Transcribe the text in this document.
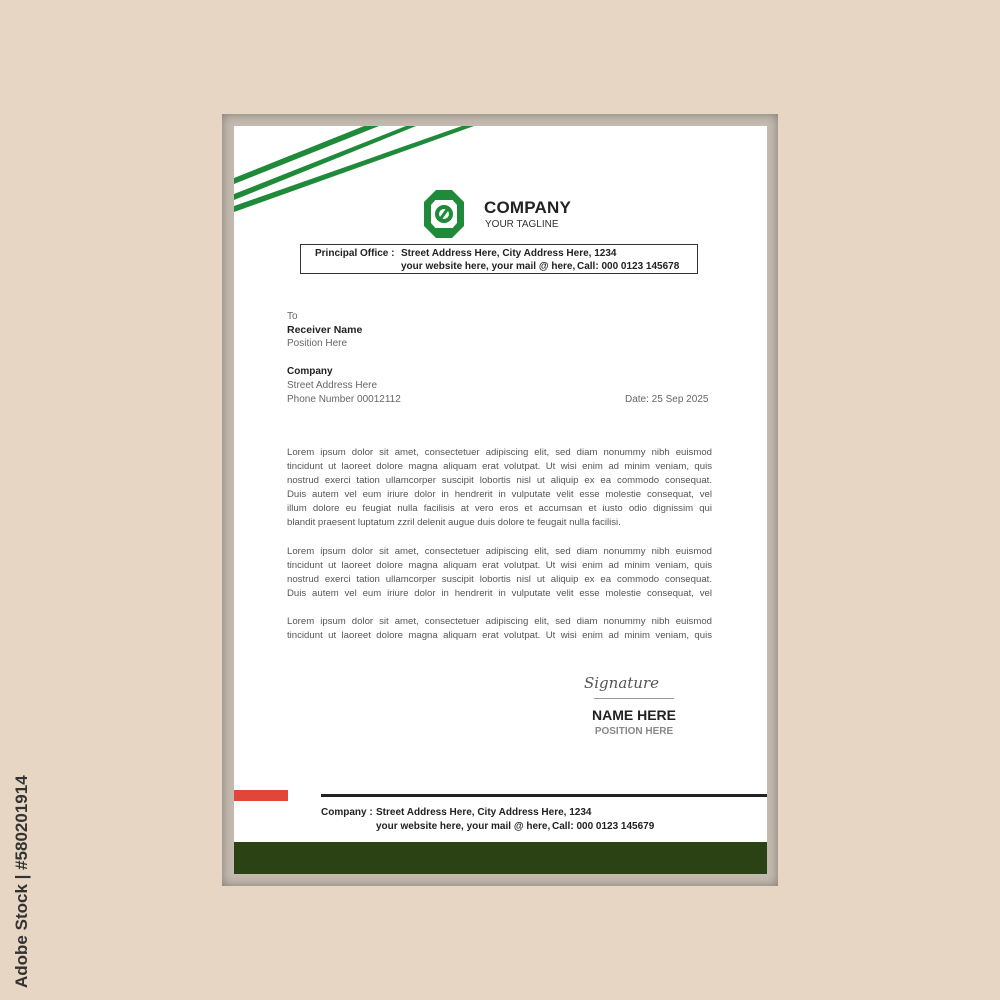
COMPANY
YOUR TAGLINE
Principal Office : Street Address Here, City Address Here, 1234
your website here, your mail @ here, Call: 000 0123 145678
To
Receiver Name
Position Here
Company
Street Address Here
Phone Number 00012112	Date: 25 Sep 2025
Lorem ipsum dolor sit amet, consectetuer adipiscing elit, sed diam nonummy nibh euismod
tincidunt ut laoreet dolore magna aliquam erat volutpat. Ut wisi enim ad minim veniam, quis
nostrud exerci tation ullamcorper suscipit lobortis nisl ut aliquip ex ea commodo consequat.
Duis autem vel eum iriure dolor in hendrerit in vulputate velit esse molestie consequat, vel
illum dolore eu feugiat nulla facilisis at vero eros et accumsan et iusto odio dignissim qui
blandit praesent luptatum zzril delenit augue duis dolore te feugait nulla facilisi.
Lorem ipsum dolor sit amet, consectetuer adipiscing elit, sed diam nonummy nibh euismod
tincidunt ut laoreet dolore magna aliquam erat volutpat. Ut wisi enim ad minim veniam, quis
nostrud exerci tation ullamcorper suscipit lobortis nisl ut aliquip ex ea commodo consequat.
Duis autem vel eum iriure dolor in hendrerit in vulputate velit esse molestie consequat, vel
Lorem ipsum dolor sit amet, consectetuer adipiscing elit, sed diam nonummy nibh euismod
tincidunt ut laoreet dolore magna aliquam erat volutpat. Ut wisi enim ad minim veniam, quis
Signature
NAME HERE
POSITION HERE
Company : Street Address Here, City Address Here, 1234
your website here, your mail @ here, Call: 000 0123 145679
Adobe Stock | #580201914
